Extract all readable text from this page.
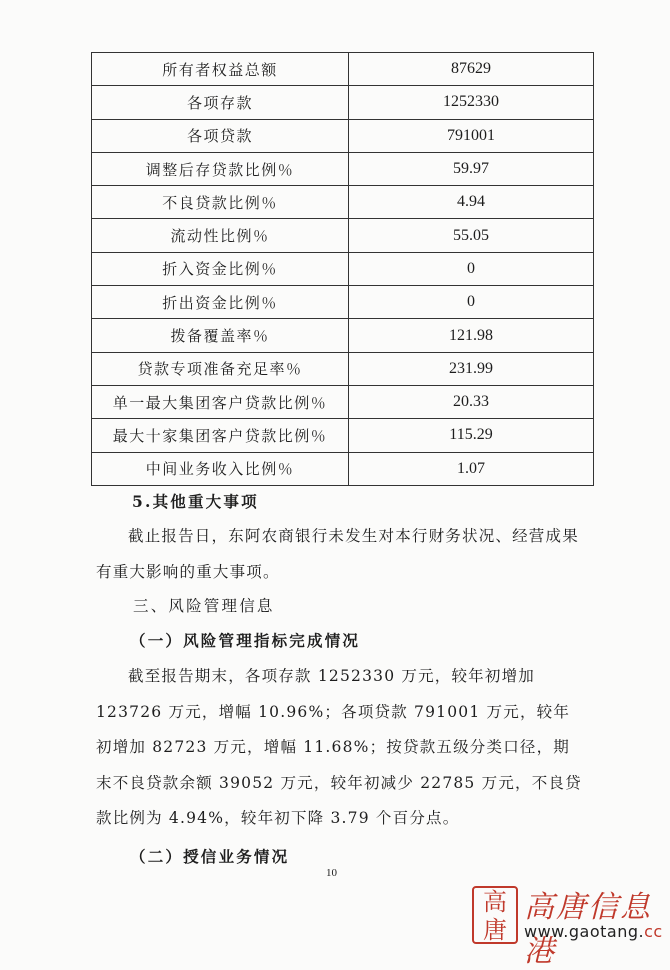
所有者权益总额	87629
各项存款	1252330
各项贷款	791001
调整后存贷款比例％	59.97
不良贷款比例％	4.94
流动性比例％	55.05
折入资金比例％	0
折出资金比例％	0
拨备覆盖率％	121.98
贷款专项准备充足率％	231.99
单一最大集团客户贷款比例％	20.33
最大十家集团客户贷款比例％	115.29
中间业务收入比例％	1.07
5.其他重大事项
截止报告日，东阿农商银行未发生对本行财务状况、经营成果有重大影响的重大事项。
三、风险管理信息
（一）风险管理指标完成情况
截至报告期末，各项存款 1252330 万元，较年初增加 123726 万元，增幅 10.96%；各项贷款 791001 万元，较年初增加 82723 万元，增幅 11.68%；按贷款五级分类口径，期末不良贷款余额 39052 万元，较年初减少 22785 万元，不良贷款比例为 4.94%，较年初下降 3.79 个百分点。
（二）授信业务情况
10
高
唐
高唐信息港
www.gaotang.cc
